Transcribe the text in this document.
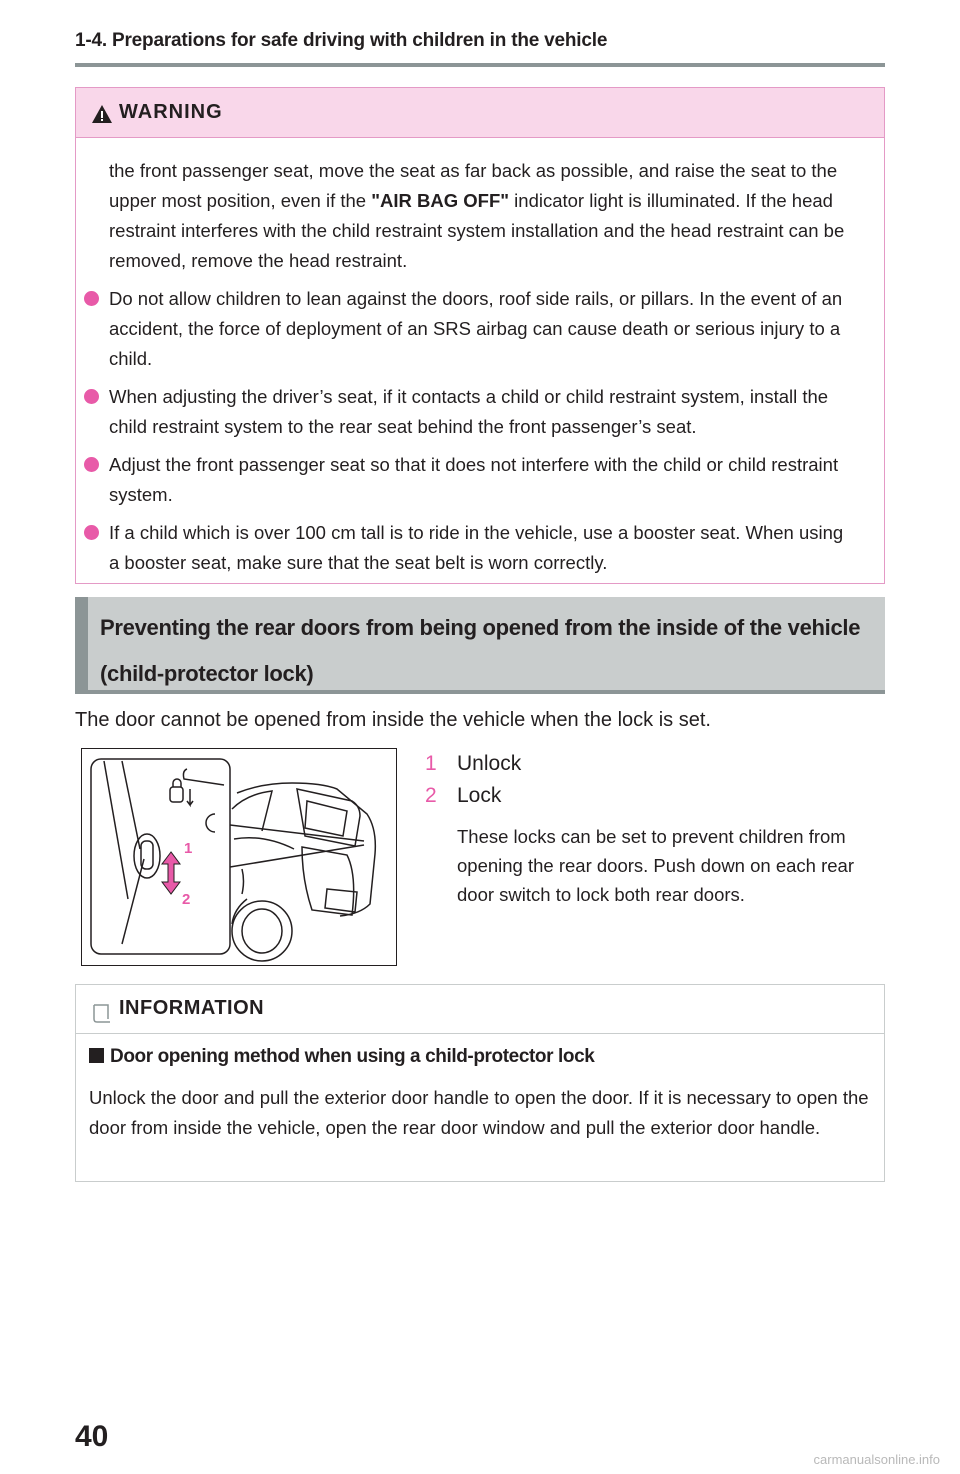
1-4. Preparations for safe driving with children in the vehicle
WARNING

the front passenger seat, move the seat as far back as possible, and raise the seat to the upper most position, even if the "AIR BAG OFF" indicator light is illuminated. If the head restraint interferes with the child restraint system installation and the head restraint can be removed, remove the head restraint.

Do not allow children to lean against the doors, roof side rails, or pillars. In the event of an accident, the force of deployment of an SRS airbag can cause death or serious injury to a child.
When adjusting the driver’s seat, if it contacts a child or child restraint system, install the child restraint system to the rear seat behind the front passenger’s seat.
Adjust the front passenger seat so that it does not interfere with the child or child restraint system.
If a child which is over 100 cm tall is to ride in the vehicle, use a booster seat. When using a booster seat, make sure that the seat belt is worn correctly.
Preventing the rear doors from being opened from the inside of the vehicle (child-protector lock)
The door cannot be opened from inside the vehicle when the lock is set.
1
2
1 Unlock
2 Lock
These locks can be set to prevent children from opening the rear doors. Push down on each rear door switch to lock both rear doors.
INFORMATION
Door opening method when using a child-protector lock
Unlock the door and pull the exterior door handle to open the door. If it is necessary to open the door from inside the vehicle, open the rear door window and pull the exterior door handle.
40
carmanualsonline.info
